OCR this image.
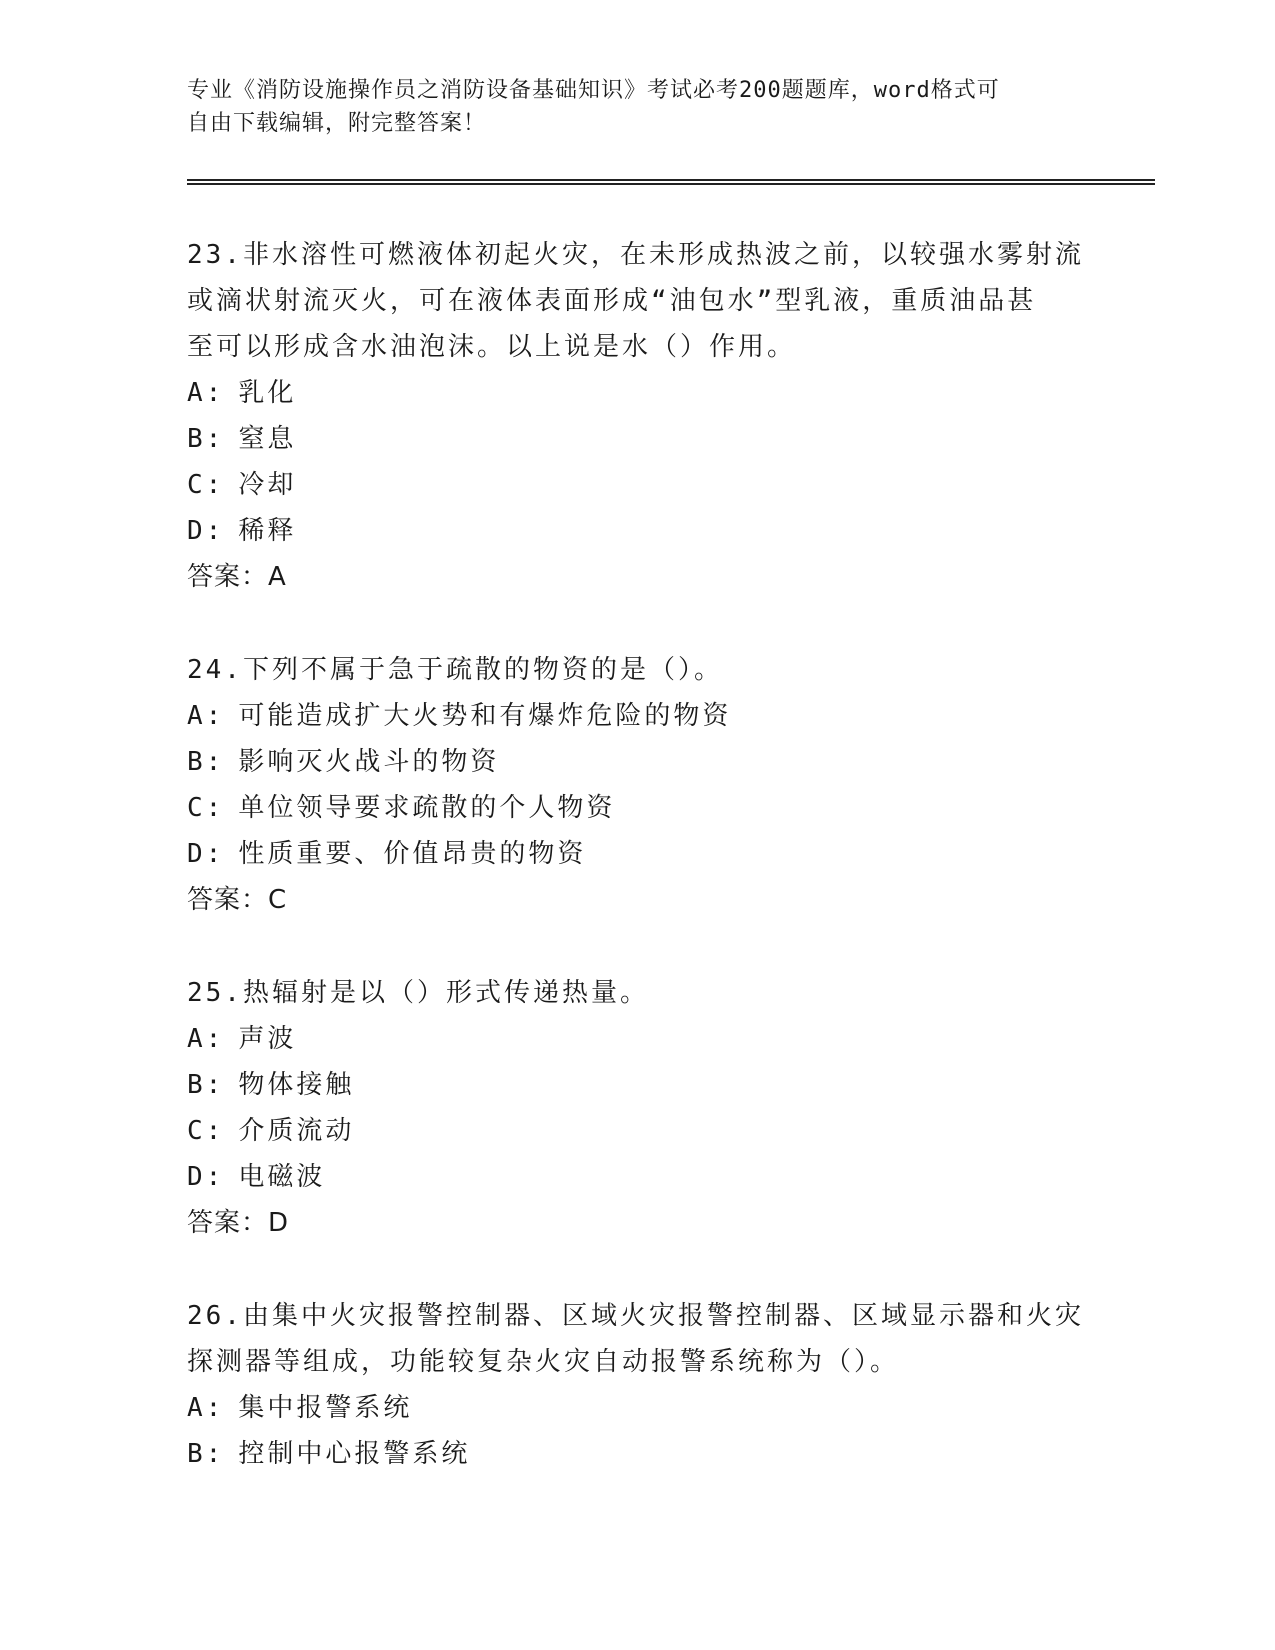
专业《消防设施操作员之消防设备基础知识》考试必考200题题库，word格式可
自由下载编辑，附完整答案！

23.非水溶性可燃液体初起火灾，在未形成热波之前，以较强水雾射流
或滴状射流灭火，可在液体表面形成“油包水”型乳液，重质油品甚
至可以形成含水油泡沫。以上说是水（）作用。

A: 乳化

B: 窒息

C: 冷却

D: 稀释

答案：A

24.下列不属于急于疏散的物资的是（）。

A: 可能造成扩大火势和有爆炸危险的物资

B: 影响灭火战斗的物资

C: 单位领导要求疏散的个人物资

D: 性质重要、价值昂贵的物资

答案：C

25.热辐射是以（）形式传递热量。

A: 声波

B: 物体接触

C: 介质流动

D: 电磁波

答案：D

26.由集中火灾报警控制器、区域火灾报警控制器、区域显示器和火灾
探测器等组成，功能较复杂火灾自动报警系统称为（）。

A: 集中报警系统

B: 控制中心报警系统
